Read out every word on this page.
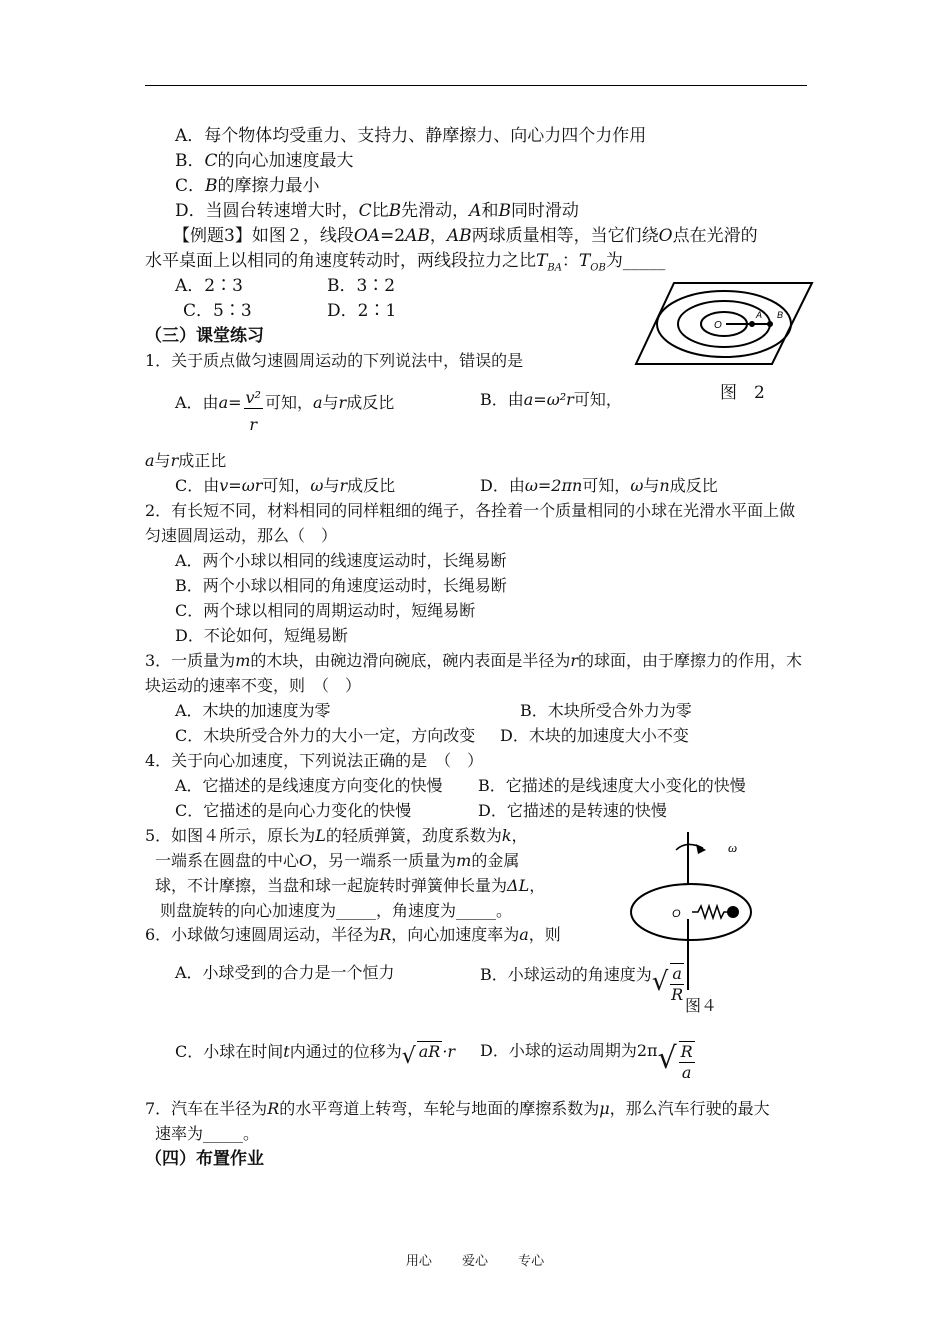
A．每个物体均受重力、支持力、静摩擦力、向心力四个力作用
B．C的向心加速度最大
C．B的摩擦力最小
D．当圆台转速增大时，C比B先滑动，A和B同时滑动
【例题3】如图２，线段OA=2AB，AB两球质量相等，当它们绕O点在光滑的
水平桌面上以相同的角速度转动时，两线段拉力之比$T_{BA}$：$T_{OB}$为_____
A．2∶3	B．3∶2
C．5∶3	D．2∶1
O
A B
图　2
（三）课堂练习
1．关于质点做匀速圆周运动的下列说法中，错误的是
A．由$a= \frac{\text{v²}}{r}$ 可知，a与r成反比	B．由a=ω²r可知，
a与r成正比
C．由v=ωr可知，ω与r成反比	D．由ω=2πn可知，ω与n成反比
2．有长短不同，材料相同的同样粗细的绳子，各拴着一个质量相同的小球在光滑水平面上做
匀速圆周运动，那么（　）
A．两个小球以相同的线速度运动时，长绳易断
B．两个小球以相同的角速度运动时，长绳易断
C．两个球以相同的周期运动时，短绳易断
D．不论如何，短绳易断
3．一质量为m的木块，由碗边滑向碗底，碗内表面是半径为r的球面，由于摩擦力的作用，木
块运动的速率不变，则　（　）
A．木块的加速度为零	B．木块所受合外力为零
C．木块所受合外力的大小一定，方向改变 D．木块的加速度大小不变
4．关于向心加速度，下列说法正确的是　（　）
A．它描述的是线速度方向变化的快慢 B．它描述的是线速度大小变化的快慢
C．它描述的是向心力变化的快慢	D．它描述的是转速的快慢
5．如图４所示，原长为L的轻质弹簧，劲度系数为k，
一端系在圆盘的中心O，另一端系一质量为m的金属
球，不计摩擦，当盘和球一起旋转时弹簧伸长量为ΔL，
则盘旋转的向心加速度为_____，角速度为_____。
ω
O
图４
6．小球做匀速圆周运动，半径为R，向心加速度率为a，则
A．小球受到的合力是一个恒力	B．小球运动的角速度为√ $\frac{a}{R}$
C．小球在时间t内通过的位移为√ aR ·r D．小球的运动周期为$2\pi√ \frac{R}{a}$
7．汽车在半径为R的水平弯道上转弯，车轮与地面的摩擦系数为μ，那么汽车行驶的最大
速率为_____。
（四）布置作业
用心 爱心 专心
